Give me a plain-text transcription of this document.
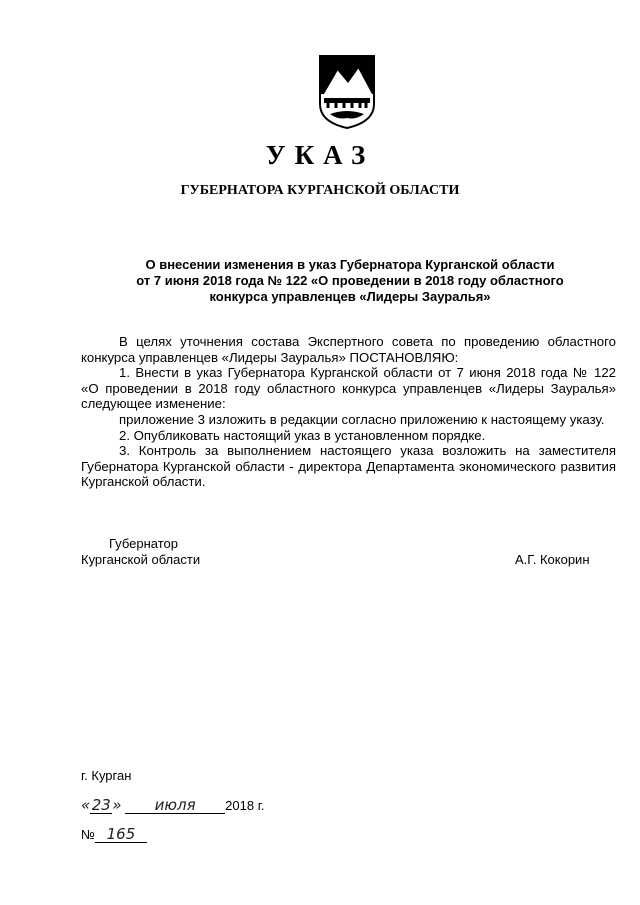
УКАЗ
ГУБЕРНАТОРА КУРГАНСКОЙ ОБЛАСТИ
О внесении изменения в указ Губернатора Курганской области
от 7 июня 2018 года № 122 «О проведении в 2018 году областного
конкурса управленцев «Лидеры Зауралья»
В целях уточнения состава Экспертного совета по проведению областного
конкурса управленцев «Лидеры Зауралья» ПОСТАНОВЛЯЮ:
1. Внести в указ Губернатора Курганской области от 7 июня 2018 года № 122
«О проведении в 2018 году областного конкурса управленцев «Лидеры Зауралья»
следующее изменение:
приложение 3 изложить в редакции согласно приложению к настоящему указу.
2. Опубликовать настоящий указ в установленном порядке.
3. Контроль за выполнением настоящего указа возложить на заместителя
Губернатора Курганской области - директора Департамента экономического развития
Курганской области.
Губернатор
Курганской области	А.Г. Кокорин
г. Курган
«23» июля 2018 г.
№ 165
